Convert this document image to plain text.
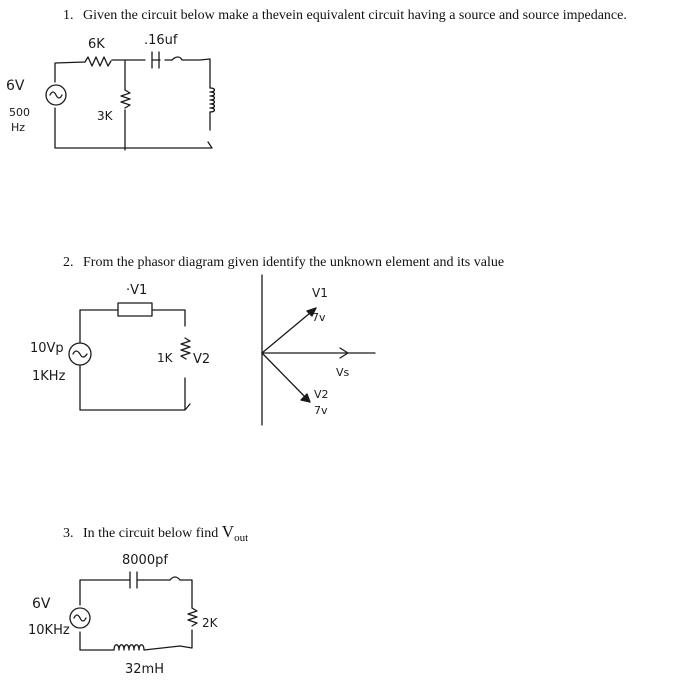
1. Given the circuit below make a thevein equivalent circuit having a source and source impedance.
2. From the phasor diagram given identify the unknown element and its value
3. In the circuit below find $V_{out}$
6K	.16uf
6V
500
Hz
3K
·V1
10Vp
1KHz
1K V2
V1
7v
Vs
V2
7v
8000pf
6V
10KHz	2K
32mH
